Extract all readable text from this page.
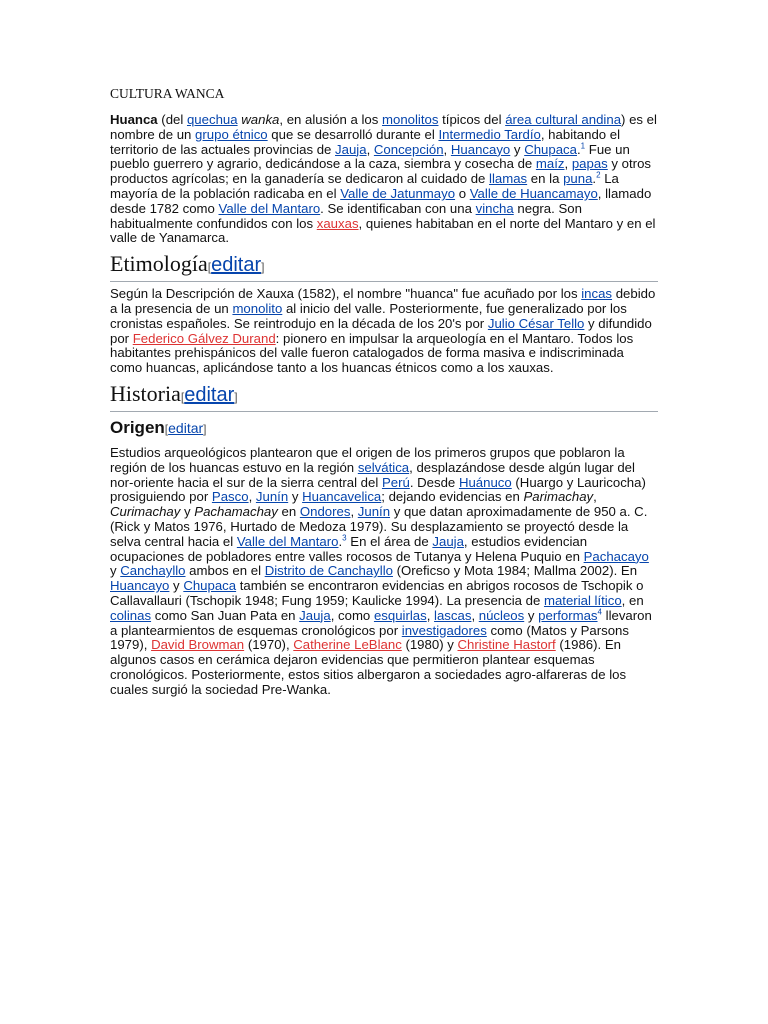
CULTURA WANCA

Huanca (del quechua wanka, en alusión a los monolitos típicos del área cultural andina) es el nombre de un grupo étnico que se desarrolló durante el Intermedio Tardío, habitando el territorio de las actuales provincias de Jauja, Concepción, Huancayo y Chupaca.$^1$ Fue un pueblo guerrero y agrario, dedicándose a la caza, siembra y cosecha de maíz, papas y otros productos agrícolas; en la ganadería se dedicaron al cuidado de llamas en la puna.$^2$ La mayoría de la población radicaba en el Valle de Jatunmayo o Valle de Huancamayo, llamado desde 1782 como Valle del Mantaro. Se identificaban con una vincha negra. Son habitualmente confundidos con los xauxas, quienes habitaban en el norte del Mantaro y en el valle de Yanamarca.

Etimología[editar]

Según la Descripción de Xauxa (1582), el nombre "huanca" fue acuñado por los incas debido a la presencia de un monolito al inicio del valle. Posteriormente, fue generalizado por los cronistas españoles. Se reintrodujo en la década de los 20's por Julio César Tello y difundido por Federico Gálvez Durand: pionero en impulsar la arqueología en el Mantaro. Todos los habitantes prehispánicos del valle fueron catalogados de forma masiva e indiscriminada como huancas, aplicándose tanto a los huancas étnicos como a los xauxas.

Historia[editar]
Origen[editar]

Estudios arqueológicos plantearon que el origen de los primeros grupos que poblaron la región de los huancas estuvo en la región selvática, desplazándose desde algún lugar del nor-oriente hacia el sur de la sierra central del Perú. Desde Huánuco (Huargo y Lauricocha) prosiguiendo por Pasco, Junín y Huancavelica; dejando evidencias en Parimachay, Curimachay y Pachamachay en Ondores, Junín y que datan aproximadamente de 950 a. C. (Rick y Matos 1976, Hurtado de Medoza 1979). Su desplazamiento se proyectó desde la selva central hacia el Valle del Mantaro.$^3$ En el área de Jauja, estudios evidencian ocupaciones de pobladores entre valles rocosos de Tutanya y Helena Puquio en Pachacayo y Canchayllo ambos en el Distrito de Canchayllo (Oreficso y Mota 1984; Mallma 2002). En Huancayo y Chupaca también se encontraron evidencias en abrigos rocosos de Tschopik o Callavallauri (Tschopik 1948; Fung 1959; Kaulicke 1994). La presencia de material lítico, en colinas como San Juan Pata en Jauja, como esquirlas, lascas, núcleos y performas$^4$ llevaron a plantearmientos de esquemas cronológicos por investigadores como (Matos y Parsons 1979), David Browman (1970), Catherine LeBlanc (1980) y Christine Hastorf (1986). En algunos casos en cerámica dejaron evidencias que permitieron plantear esquemas cronológicos. Posteriormente, estos sitios albergaron a sociedades agro-alfareras de los cuales surgió la sociedad Pre-Wanka.
